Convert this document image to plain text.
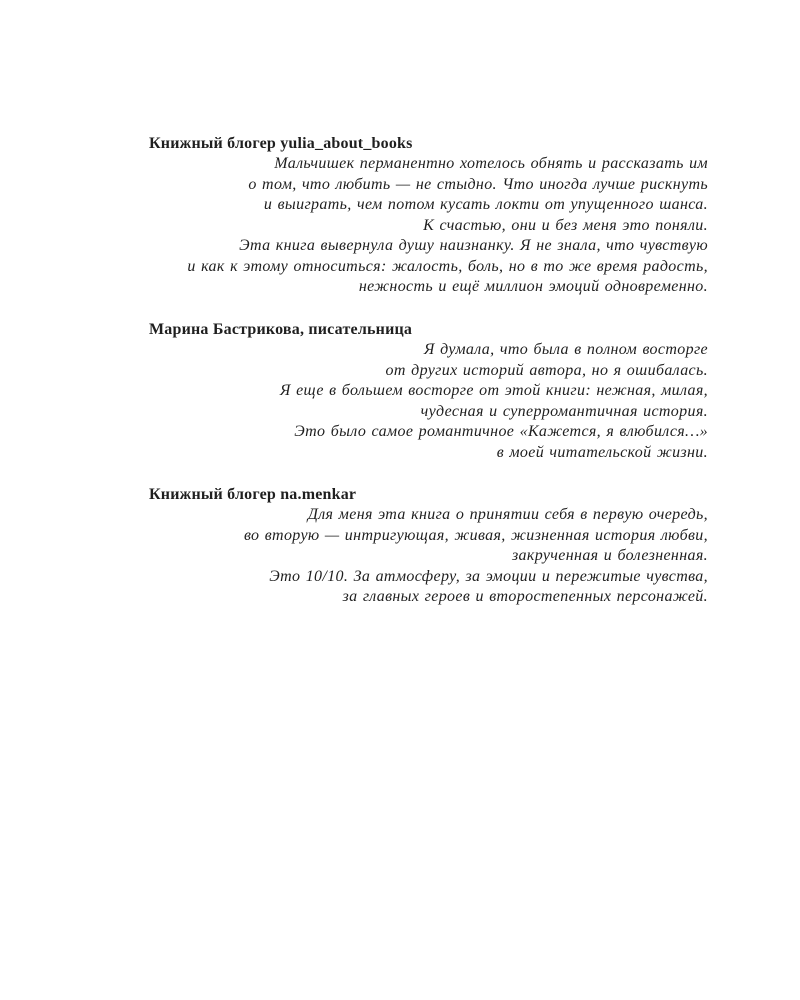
Книжный блогер yulia_about_books
Мальчишек перманентно хотелось обнять и рассказать им
о том, что любить — не стыдно. Что иногда лучше рискнуть
и выиграть, чем потом кусать локти от упущенного шанса.
К счастью, они и без меня это поняли.
Эта книга вывернула душу наизнанку. Я не знала, что чувствую
и как к этому относиться: жалость, боль, но в то же время радость,
нежность и ещё миллион эмоций одновременно.
Марина Бастрикова, писательница
Я думала, что была в полном восторге
от других историй автора, но я ошибалась.
Я еще в большем восторге от этой книги: нежная, милая,
чудесная и суперромантичная история.
Это было самое романтичное «Кажется, я влюбился…»
в моей читательской жизни.
Книжный блогер na.menkar
Для меня эта книга о принятии себя в первую очередь,
во вторую — интригующая, живая, жизненная история любви,
закрученная и болезненная.
Это 10/10. За атмосферу, за эмоции и пережитые чувства,
за главных героев и второстепенных персонажей.
